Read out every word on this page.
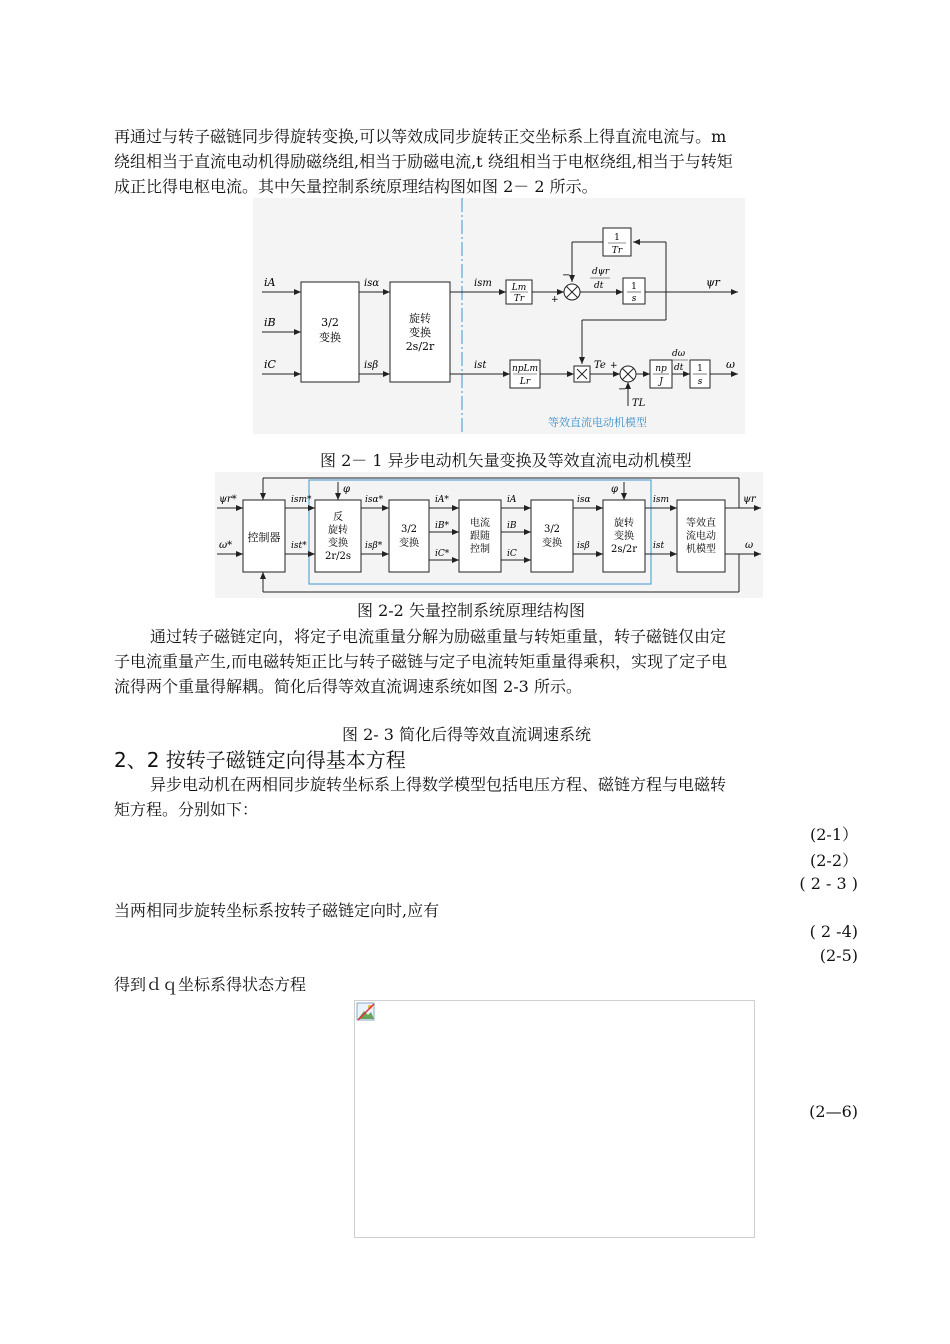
再通过与转子磁链同步得旋转变换,可以等效成同步旋转正交坐标系上得直流电流与。m
绕组相当于直流电动机得励磁绕组,相当于励磁电流,t 绕组相当于电枢绕组,相当于与转矩
成正比得电枢电流。其中矢量控制系统原理结构图如图 2－ 2 所示。
3/2
变换
旋转
变换
2s/2r
iA
iB
iC
isα
isβ
ism Lm
Tr	+
dψr
dt	1
s
ψr
1
Tr
−
ist	npLm
Lr
Te +
−
TL
np
J
dω
dt 1
s
ω
等效直流电动机模型
图 2－ 1 异步电动机矢量变换及等效直流电动机模型
ψr*
ω*
控制器
ism*
ist*
φ
反
旋转
变换
2r/2s
isα*
isβ*
3/2
变换
iA*
iB*
iC*
电流
跟随
控制
iA
iB
iC
3/2
变换
isα
isβ
φ
旋转
变换
2s/2r
ism
ist
等效直
流电动
机模型
ψr
ω
图 2-2 矢量控制系统原理结构图
通过转子磁链定向，将定子电流重量分解为励磁重量与转矩重量，转子磁链仅由定
子电流重量产生,而电磁转矩正比与转子磁链与定子电流转矩重量得乘积，实现了定子电
流得两个重量得解耦。简化后得等效直流调速系统如图 2-3 所示。
图 2- 3 简化后得等效直流调速系统
2、2 按转子磁链定向得基本方程
异步电动机在两相同步旋转坐标系上得数学模型包括电压方程、磁链方程与电磁转
矩方程。分别如下：
(2-1）
(2-2）
( 2 - 3 )
当两相同步旋转坐标系按转子磁链定向时,应有
( 2 -4)
(2-5)
得到ｄｑ坐标系得状态方程
(2—6)
